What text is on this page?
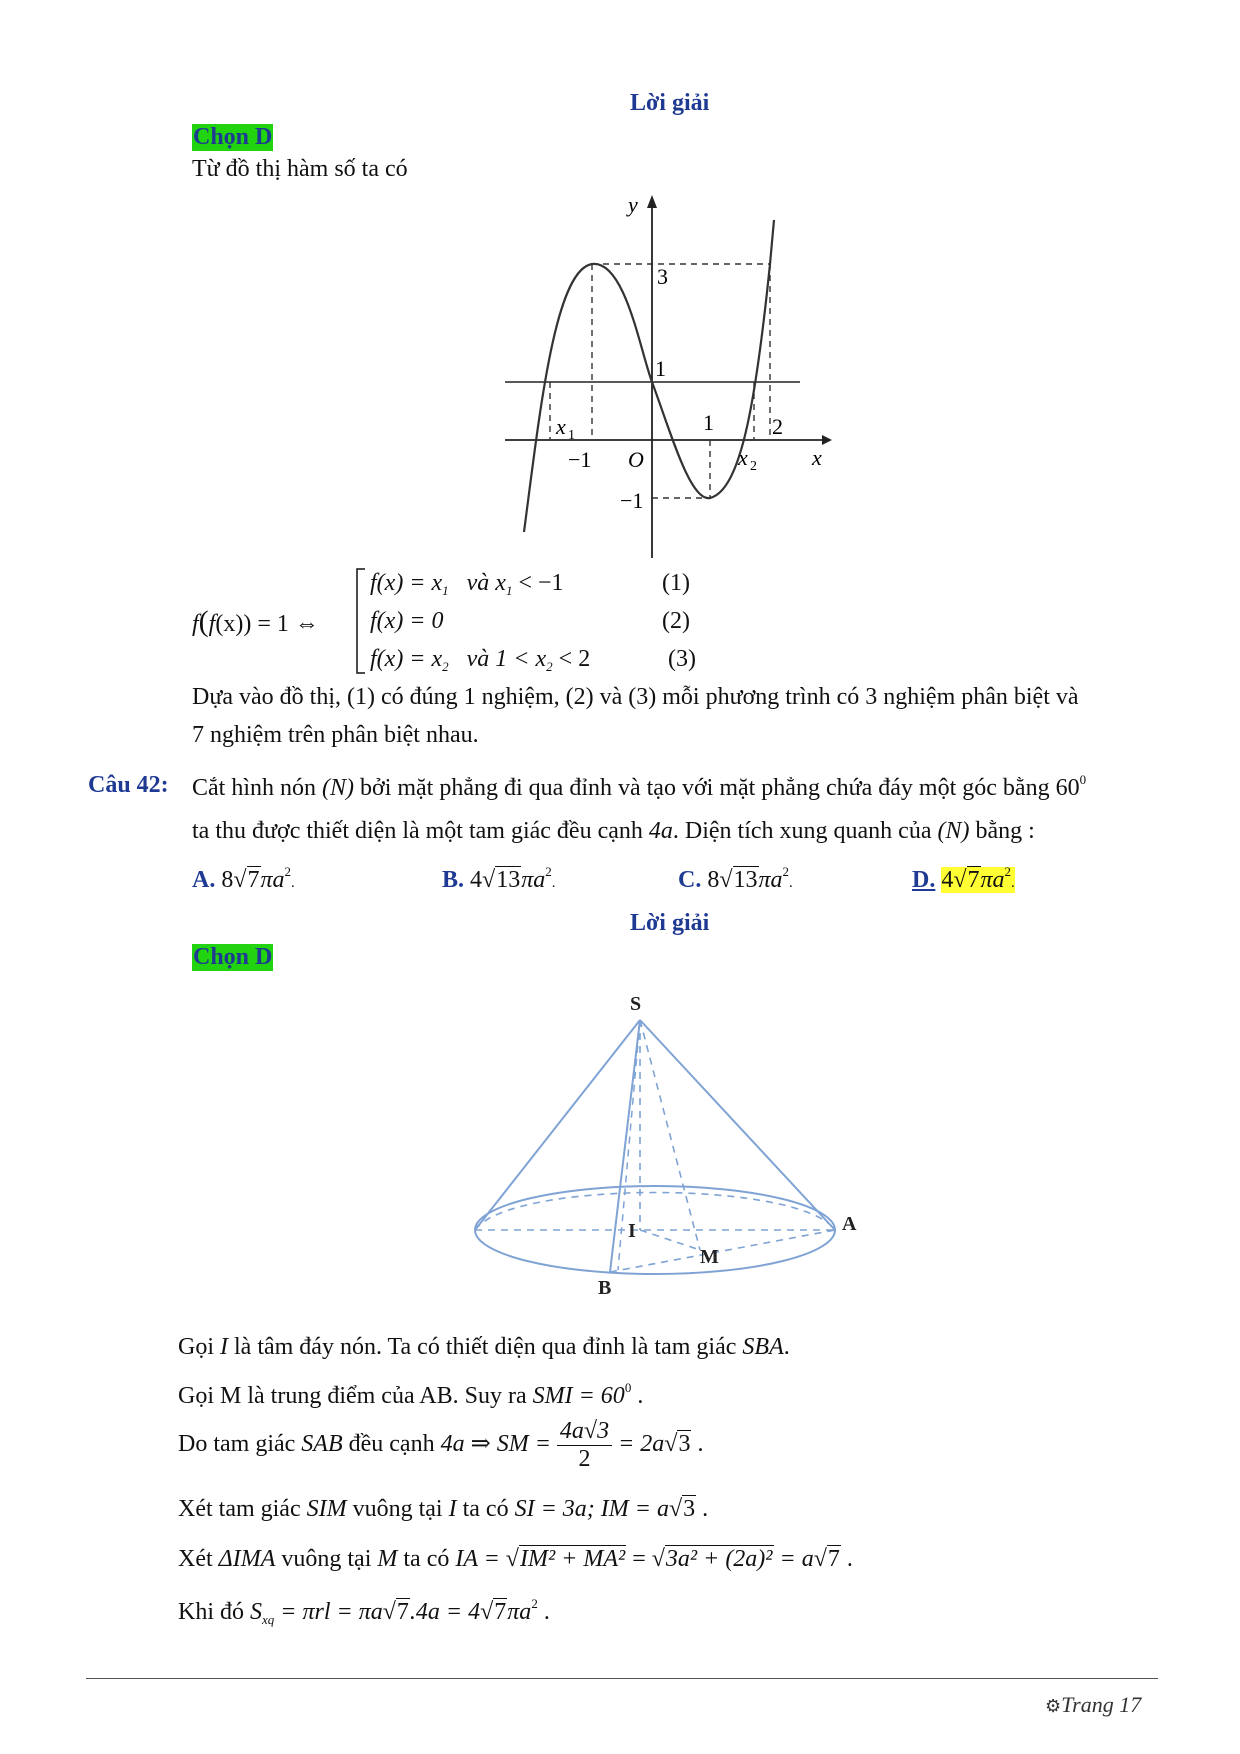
Lời giải
Chọn D
Từ đồ thị hàm số ta có
y
x
O
3
1
x 1
−1
1	2
x 2
−1
f(f(x)) = 1 ⇔
$f(x) = x_1$ và $x_1 < -1$	(1)
f(x) = 0	(2)
$f(x) = x_2$ và $1 < x_2 < 2$	(3)
Dựa vào đồ thị, (1) có đúng 1 nghiệm, (2) và (3) mỗi phương trình có 3 nghiệm phân biệt và
7 nghiệm trên phân biệt nhau.
Câu 42: Cắt hình nón (N) bởi mặt phẳng đi qua đỉnh và tạo với mặt phẳng chứa đáy một góc bằng $60^0$
ta thu được thiết diện là một tam giác đều cạnh 4a. Diện tích xung quanh của (N) bằng :
A. $8√7\pi a^2$.	B. $4√13\pi a^2$.	C. $8√13\pi a^2$.	D. $4√7\pi a^2$.
Lời giải
Chọn D
S
A
B
I
M
Gọi I là tâm đáy nón. Ta có thiết diện qua đỉnh là tam giác SBA.
Gọi M là trung điểm của AB. Suy ra SMI = $60^0$ .
Do tam giác SAB đều cạnh 4a ⇒ SM = $\frac{4a√3}{2} = 2a√3$ .
Xét tam giác SIM vuông tại I ta có SI = 3a; IM = a√3 .
Xét ΔIMA vuông tại M ta có IA = √IM² + MA² = √3a² + (2a)² = a√7 .
Khi đó $S_{xq} = \pi rl = \pi a√7.4a = 4√7\pi a^2$ .
⚙Trang 17
